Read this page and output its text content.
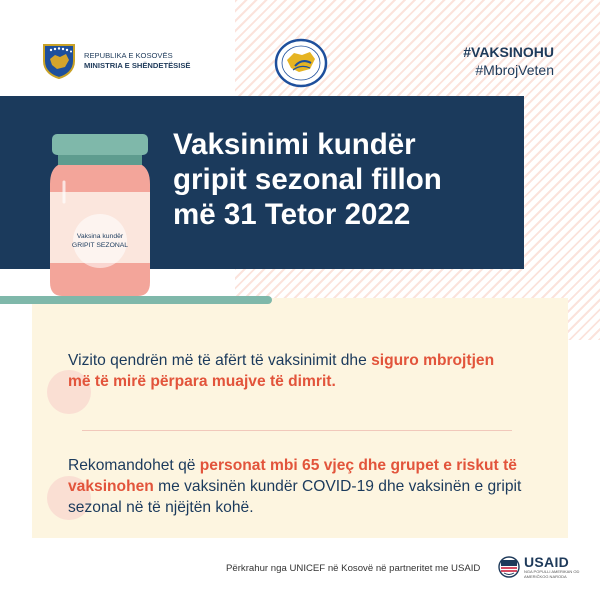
REPUBLIKA E KOSOVËS
MINISTRIA E SHËNDETËSISË
#VAKSINOHU
#MbrojVeten
Vaksinimi kundër
gripit sezonal fillon
më 31 Tetor 2022
Vaksina kundër
GRIPIT SEZONAL

Vizito qendrën më të afërt të vaksinimit dhe siguro mbrojtjen më të mirë përpara muajve të dimrit.

Rekomandohet që personat mbi 65 vjeç dhe grupet e riskut të vaksinohen me vaksinën kundër COVID-19 dhe vaksinën e gripit sezonal në të njëjtën kohë.

Përkrahur nga UNICEF në Kosovë në partneritet me USAID	USAID
NGA POPULLI AMERIKAN OD AMERIČKOG NARODA
